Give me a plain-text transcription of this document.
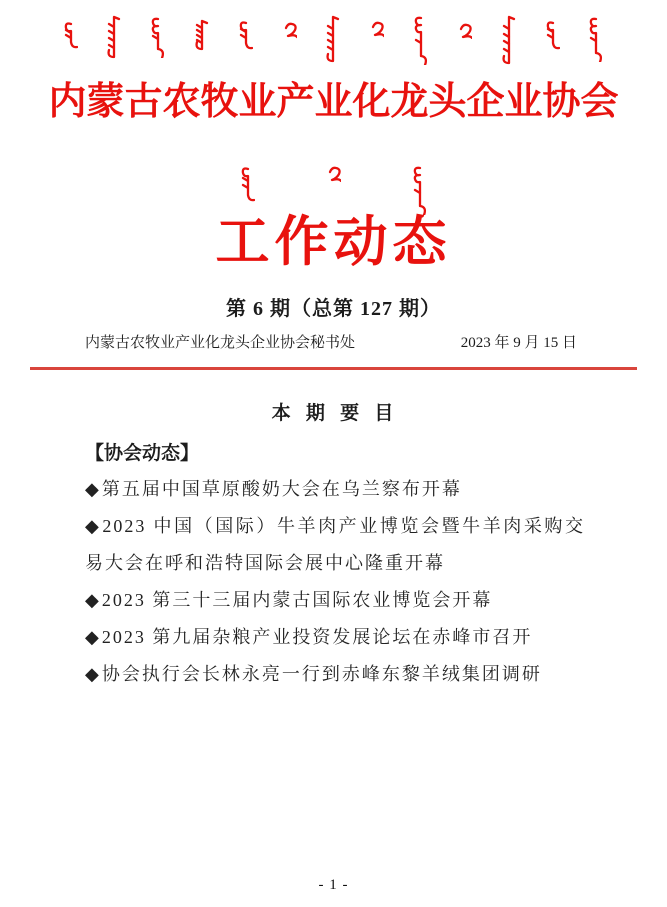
内蒙古农牧业产业化龙头企业协会
工作动态
第 6 期（总第 127 期）
内蒙古农牧业产业化龙头企业协会秘书处	2023 年 9 月 15 日
本 期 要 目
【协会动态】
◆第五届中国草原酸奶大会在乌兰察布开幕
◆2023 中国（国际）牛羊肉产业博览会暨牛羊肉采购交易大会在呼和浩特国际会展中心隆重开幕
◆2023 第三十三届内蒙古国际农业博览会开幕
◆2023 第九届杂粮产业投资发展论坛在赤峰市召开
◆协会执行会长林永亮一行到赤峰东黎羊绒集团调研
- 1 -
